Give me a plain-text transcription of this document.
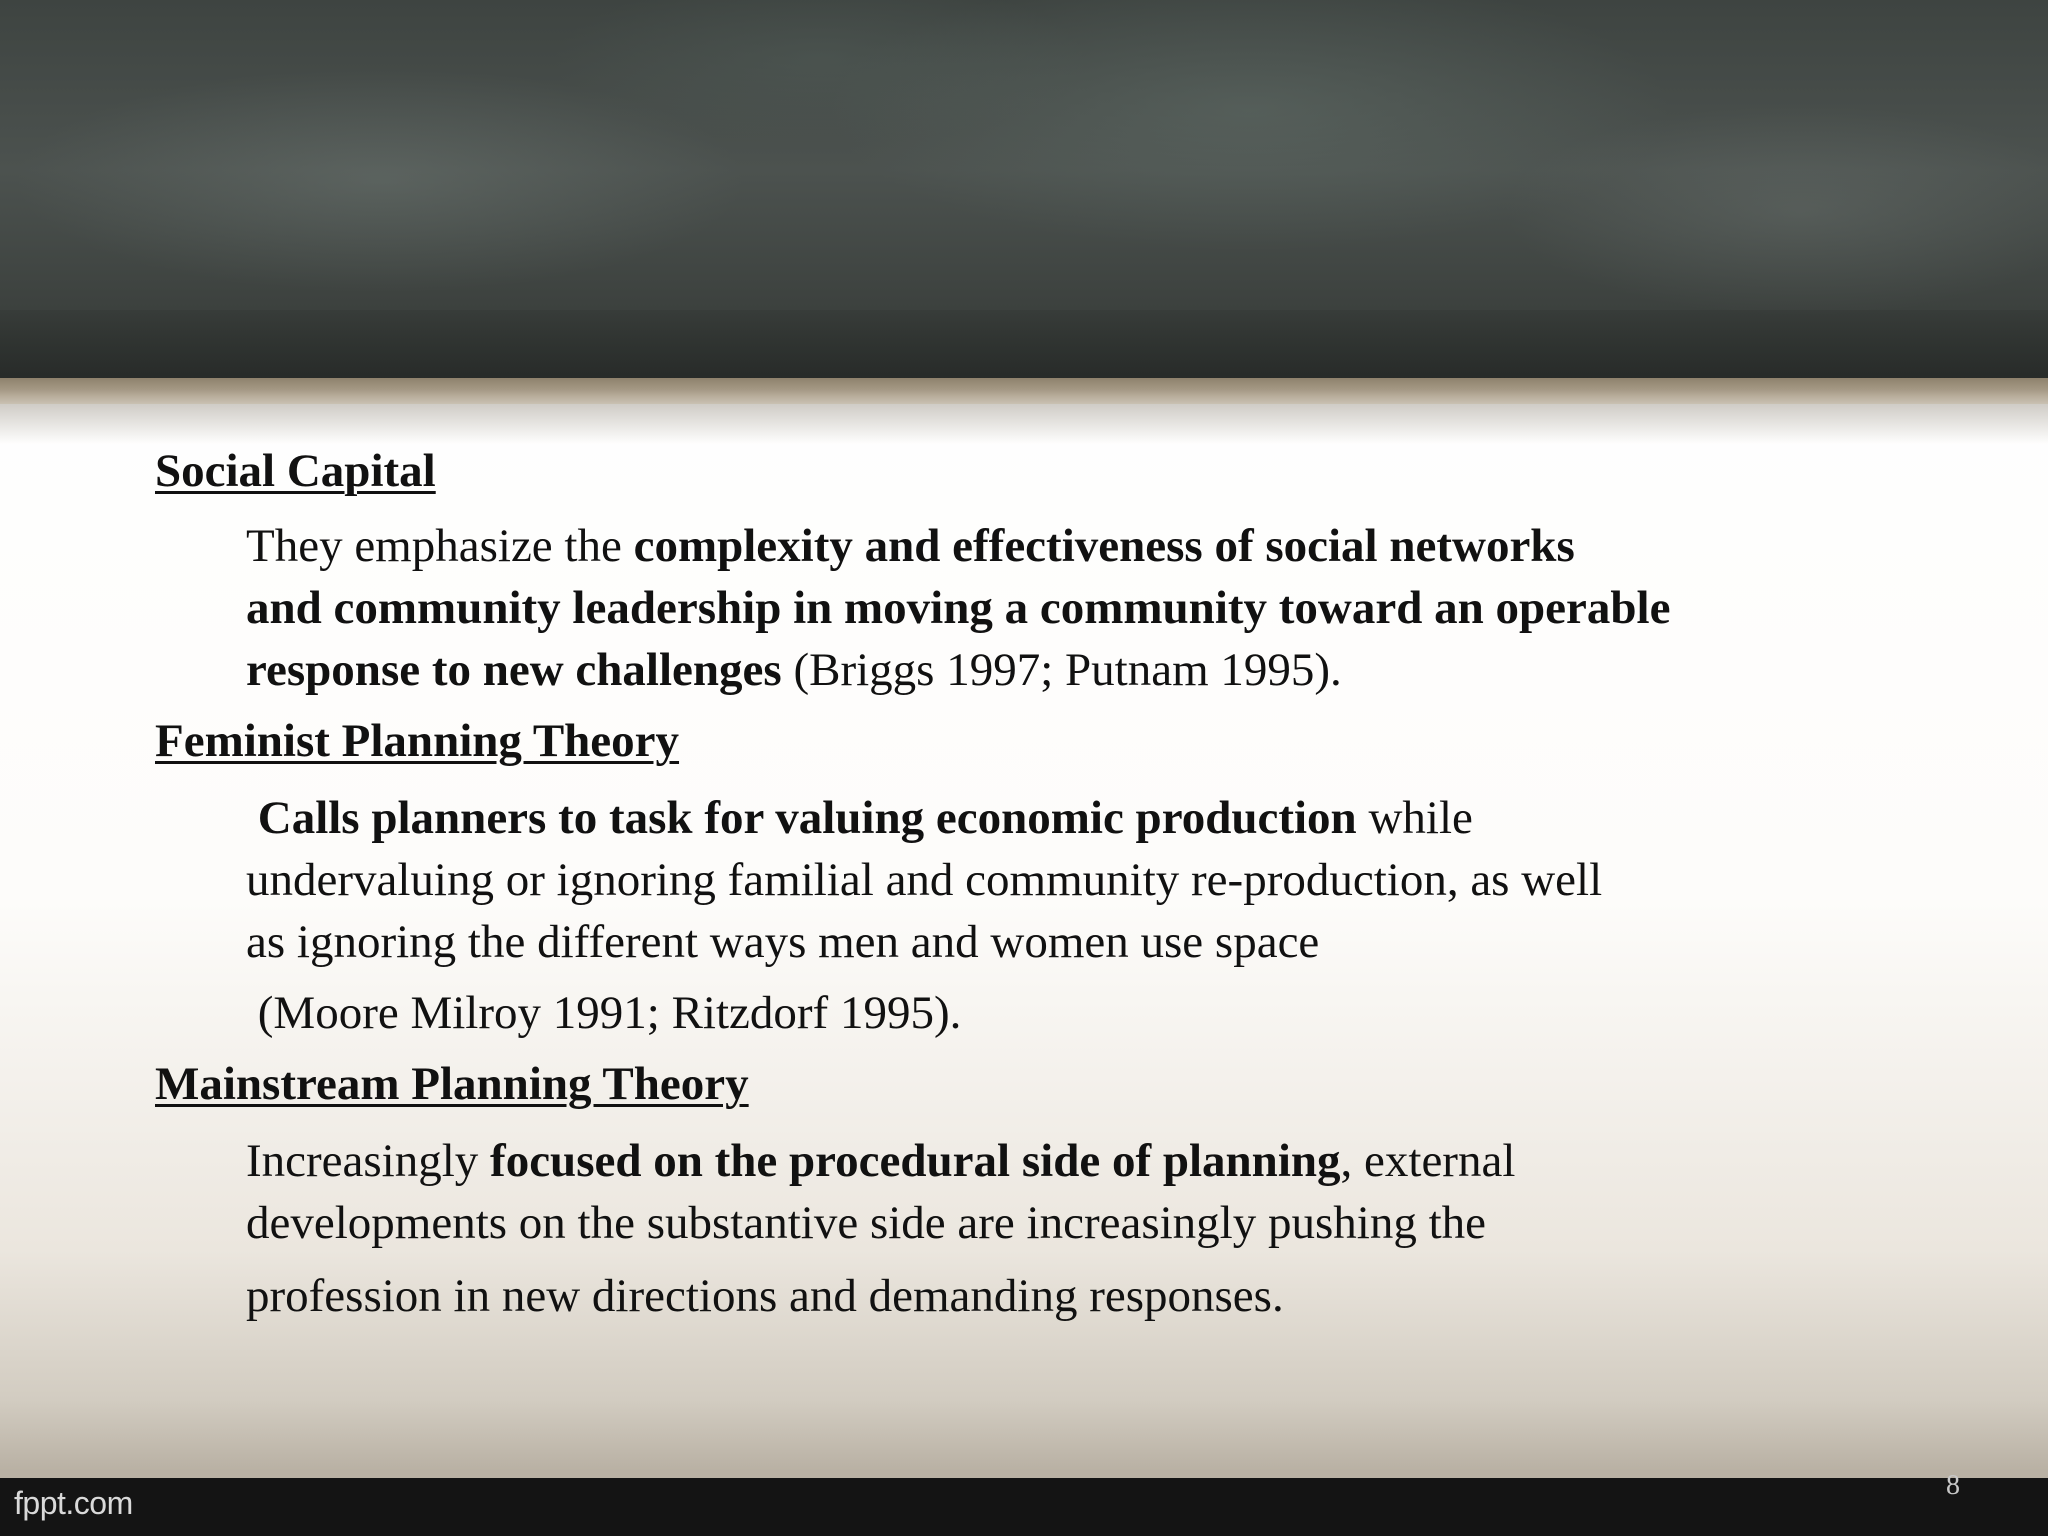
Social Capital
They emphasize the complexity and effectiveness of social networks
and community leadership in moving a community toward an operable
response to new challenges (Briggs 1997; Putnam 1995).
Feminist Planning Theory
Calls planners to task for valuing economic production while
undervaluing or ignoring familial and community re-production, as well
as ignoring the different ways men and women use space
(Moore Milroy 1991; Ritzdorf 1995).
Mainstream Planning Theory
Increasingly focused on the procedural side of planning, external
developments on the substantive side are increasingly pushing the
profession in new directions and demanding responses.
fppt.com	8
